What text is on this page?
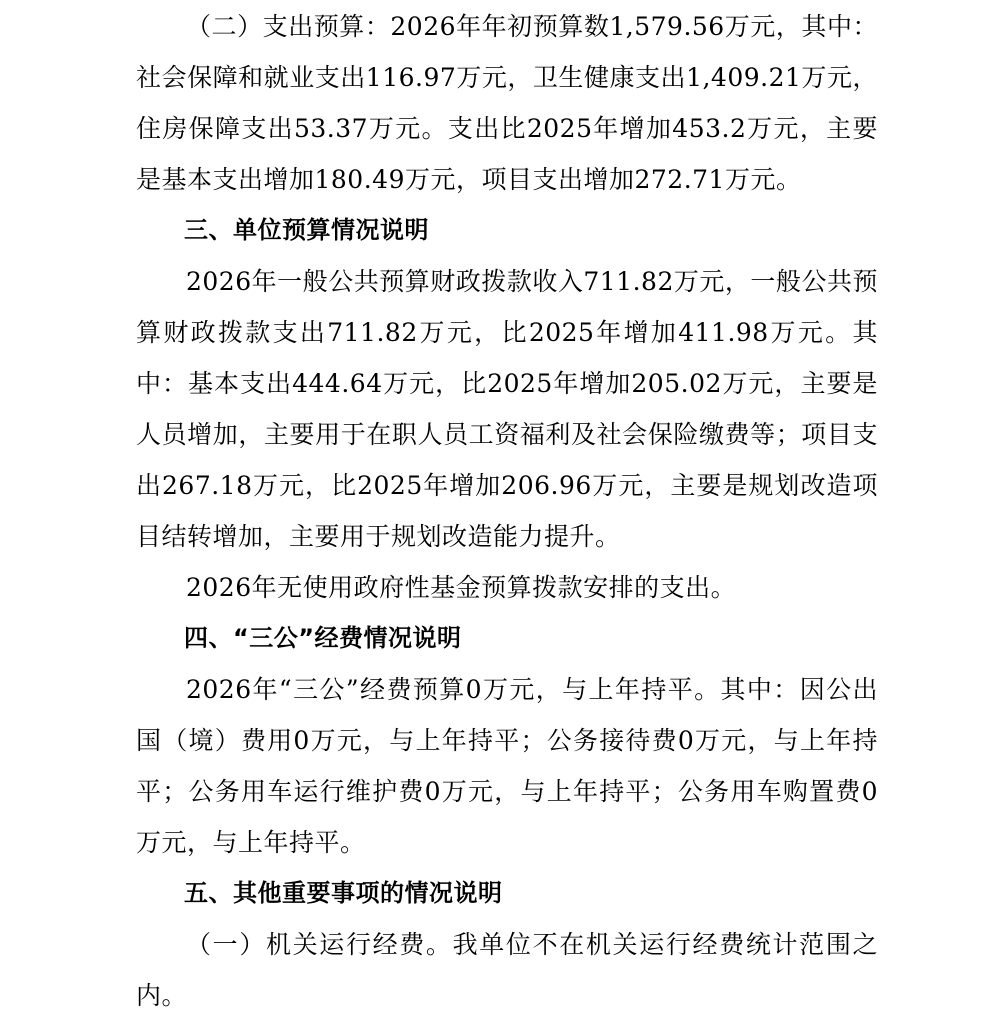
（二）支出预算：2026年年初预算数1,579.56万元，其中：社会保障和就业支出116.97万元，卫生健康支出1,409.21万元，住房保障支出53.37万元。支出比2025年增加453.2万元，主要是基本支出增加180.49万元，项目支出增加272.71万元。

三、单位预算情况说明

2026年一般公共预算财政拨款收入711.82万元，一般公共预算财政拨款支出711.82万元，比2025年增加411.98万元。其中：基本支出444.64万元，比2025年增加205.02万元，主要是人员增加，主要用于在职人员工资福利及社会保险缴费等；项目支出267.18万元，比2025年增加206.96万元，主要是规划改造项目结转增加，主要用于规划改造能力提升。

2026年无使用政府性基金预算拨款安排的支出。

四、“三公”经费情况说明

2026年“三公”经费预算0万元，与上年持平。其中：因公出国（境）费用0万元，与上年持平；公务接待费0万元，与上年持平；公务用车运行维护费0万元，与上年持平；公务用车购置费0万元，与上年持平。

五、其他重要事项的情况说明

（一）机关运行经费。我单位不在机关运行经费统计范围之内。
